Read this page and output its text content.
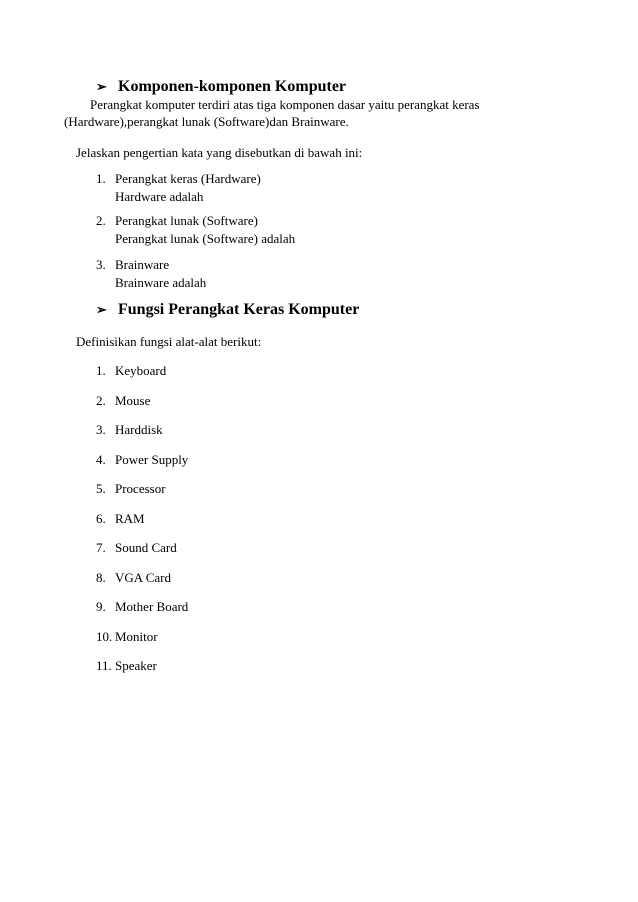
➢ Komponen-komponen Komputer
Perangkat komputer terdiri atas tiga komponen dasar yaitu perangkat keras
(Hardware),perangkat lunak (Software)dan Brainware.
Jelaskan pengertian kata yang disebutkan di bawah ini:
1. Perangkat keras (Hardware)
Hardware adalah
2. Perangkat lunak (Software)
Perangkat lunak (Software) adalah
3. Brainware
Brainware adalah
➢ Fungsi Perangkat Keras Komputer
Definisikan fungsi alat-alat berikut:
1. Keyboard
2. Mouse
3. Harddisk
4. Power Supply
5. Processor
6. RAM
7. Sound Card
8. VGA Card
9. Mother Board
10. Monitor
11. Speaker
